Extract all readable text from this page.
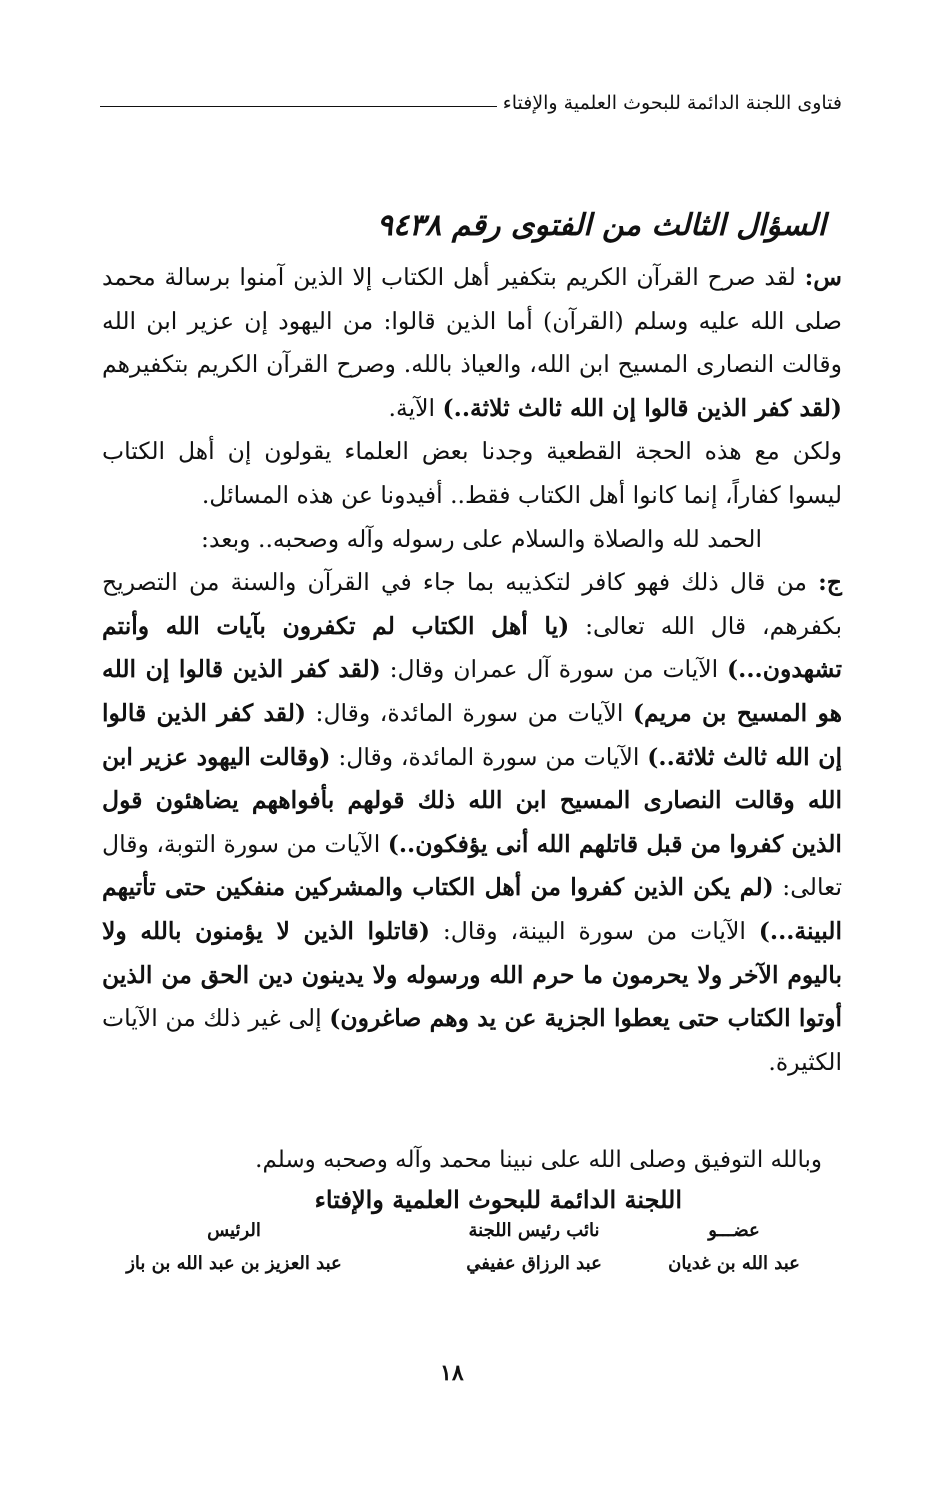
فتاوى اللجنة الدائمة للبحوث العلمية والإفتاء
السؤال الثالث من الفتوى رقم ٩٤٣٨

س: لقد صرح القرآن الكريم بتكفير أهل الكتاب إلا الذين آمنوا برسالة محمد صلى الله عليه وسلم (القرآن) أما الذين قالوا: من اليهود إن عزير ابن الله وقالت النصارى المسيح ابن الله، والعياذ بالله. وصرح القرآن الكريم بتكفيرهم (لقد كفر الذين قالوا إن الله ثالث ثلاثة..) الآية.

ولكن مع هذه الحجة القطعية وجدنا بعض العلماء يقولون إن أهل الكتاب ليسوا كفاراً، إنما كانوا أهل الكتاب فقط.. أفيدونا عن هذه المسائل.

الحمد لله والصلاة والسلام على رسوله وآله وصحبه.. وبعد:

ج: من قال ذلك فهو كافر لتكذيبه بما جاء في القرآن والسنة من التصريح بكفرهم، قال الله تعالى: (يا أهل الكتاب لم تكفرون بآيات الله وأنتم تشهدون...) الآيات من سورة آل عمران وقال: (لقد كفر الذين قالوا إن الله هو المسيح بن مريم) الآيات من سورة المائدة، وقال: (لقد كفر الذين قالوا إن الله ثالث ثلاثة..) الآيات من سورة المائدة، وقال: (وقالت اليهود عزير ابن الله وقالت النصارى المسيح ابن الله ذلك قولهم بأفواههم يضاهئون قول الذين كفروا من قبل قاتلهم الله أنى يؤفكون..) الآيات من سورة التوبة، وقال تعالى: (لم يكن الذين كفروا من أهل الكتاب والمشركين منفكين حتى تأتيهم البينة...) الآيات من سورة البينة، وقال: (قاتلوا الذين لا يؤمنون بالله ولا باليوم الآخر ولا يحرمون ما حرم الله ورسوله ولا يدينون دين الحق من الذين أوتوا الكتاب حتى يعطوا الجزية عن يد وهم صاغرون) إلى غير ذلك من الآيات الكثيرة.

وبالله التوفيق وصلى الله على نبينا محمد وآله وصحبه وسلم.
اللجنة الدائمة للبحوث العلمية والإفتاء
الرئيس
عبد العزيز بن عبد الله بن باز
نائب رئيس اللجنة
عبد الرزاق عفيفي
عضـــو
عبد الله بن غديان
١٨
